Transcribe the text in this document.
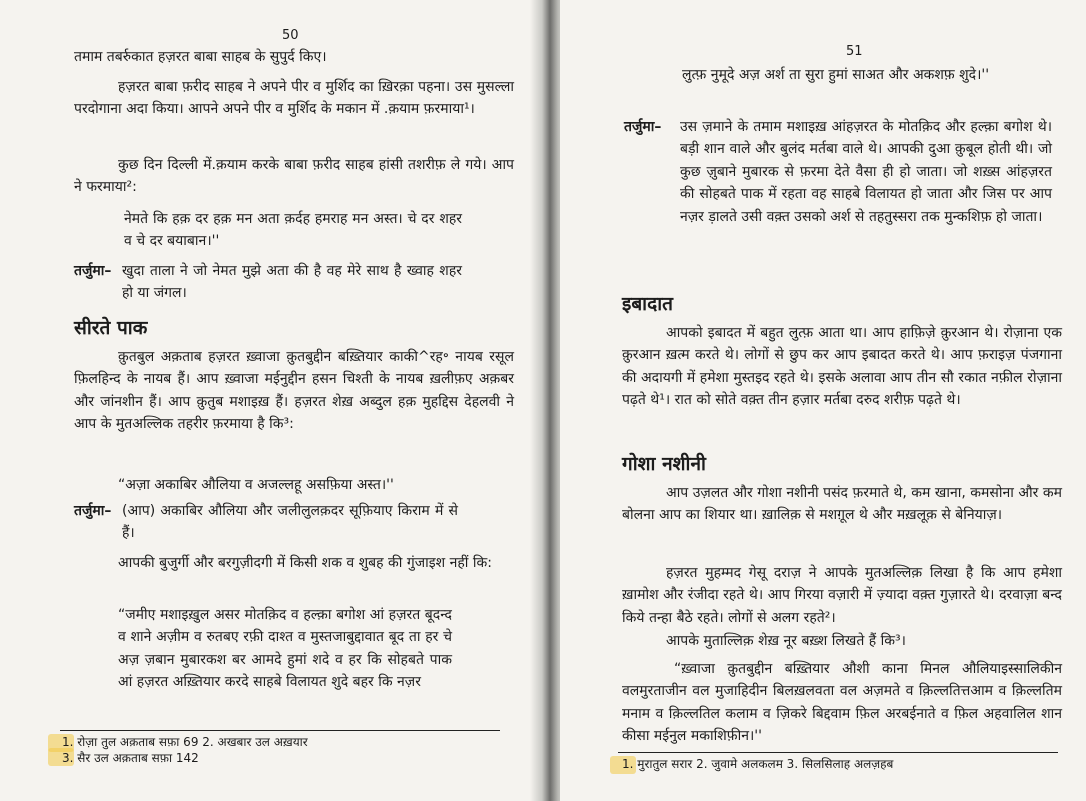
50
तमाम तबर्रुकात हज़रत बाबा साहब के सुपुर्द किए।
हज़रत बाबा फ़रीद साहब ने अपने पीर व मुर्शिद का ख़िरक़ा पहना। उस मुसल्ला परदोगाना अदा किया। आपने अपने पीर व मुर्शिद के मकान में .क़याम फ़रमाया¹।
कुछ दिन दिल्ली में.क़याम करके बाबा फ़रीद साहब हांसी तशरीफ़ ले गये। आप ने फरमाया²:
नेमते कि हक़ दर हक़ मन अता क़र्दह हमराह मन अस्त। चे दर शहर व चे दर बयाबान।''
तर्जुमा– खुदा ताला ने जो नेमत मुझे अता की है वह मेरे साथ है ख्वाह शहर हो या जंगल।
सीरते पाक
क़ुतबुल अक़ताब हज़रत ख़्वाजा क़ुतबुद्दीन बख़्तियार काकी^रह॰ नायब रसूल फ़िलहिन्द के नायब हैं। आप ख़्वाजा मईनुद्दीन हसन चिश्ती के नायब ख़लीफ़ए अक़बर और जांनशीन हैं। आप क़ुतुब मशाइख़ हैं। हज़रत शेख़ अब्दुल हक़ मुहद्दिस देहलवी ने आप के मुतअल्लिक तहरीर फ़रमाया है कि³:
“अज़ा अकाबिर औलिया व अजल्लहू असफ़िया अस्त।''
तर्जुमा– (आप) अकाबिर औलिया और जलीलुलक़दर सूफ़ियाए किराम में से हैं।
आपकी बुजुर्गी और बरगुज़ीदगी में किसी शक व शुबह की गुंजाइश नहीं कि:
“जमीए मशाइख़ुल असर मोतक़िद व हल्क़ा बगोश आं हज़रत बूदन्द व शाने अज़ीम व रुतबए रफ़ी दाश्त व मुस्तजाबुद्दावात बूद ता हर चे अज़ ज़बान मुबारकश बर आमदे हुमां शदे व हर कि सोहबते पाक आं हज़रत अख़्तियार करदे साहबे विलायत शुदे बहर कि नज़र
1. रोज़ा तुल अक़ताब सफ़ा 69 2. अखबार उल अख़यार
3. सैर उल अक़ताब सफ़ा 142
51
लुत्फ़ नुमूदे अज़ अर्श ता सुरा हुमां साअत और अकशफ़ शुदे।''
तर्जुमा– उस ज़माने के तमाम मशाइख़ आंहज़रत के मोतक़िद और हल्क़ा बगोश थे। बड़ी शान वाले और बुलंद मर्तबा वाले थे। आपकी दुआ क़ुबूल होती थी। जो कुछ ज़ुबाने मुबारक से फ़रमा देते वैसा ही हो जाता। जो शख़्स आंहज़रत की सोहबते पाक में रहता वह साहबे विलायत हो जाता और जिस पर आप नज़र ड़ालते उसी वक़्त उसको अर्श से तहतुस्सरा तक मुन्कशिफ़ हो जाता।
इबादात
आपको इबादत में बहुत लुत्फ़ आता था। आप हाफ़िज़े क़ुरआन थे। रोज़ाना एक क़ुरआन ख़त्म करते थे। लोगों से छुप कर आप इबादत करते थे। आप फ़राइज़ पंजगाना की अदायगी में हमेशा मुस्तइद रहते थे। इसके अलावा आप तीन सौ रकात नफ़ील रोज़ाना पढ़ते थे¹। रात को सोते वक़्त तीन हज़ार मर्तबा दरुद शरीफ़ पढ़ते थे।
गोशा नशीनी
आप उज़लत और गोशा नशीनी पसंद फ़रमाते थे, कम खाना, कमसोना और कम बोलना आप का शियार था। ख़ालिक़ से मशग़ूल थे और मख़लूक़ से बेनियाज़।
हज़रत मुहम्मद गेसू दराज़ ने आपके मुतअल्लिक़ लिखा है कि आप हमेशा ख़ामोश और रंजीदा रहते थे। आप गिरया वज़ारी में ज़्यादा वक़्त गुज़ारते थे। दरवाज़ा बन्द किये तन्हा बैठे रहते। लोगों से अलग रहते²।
आपके मुताल्लिक़ शेख़ नूर बख़्श लिखते हैं कि³।
“ख़्वाजा क़ुतबुद्दीन बख़्तियार औशी काना मिनल औलियाइस्सालिकीन वलमुरताजीन वल मुजाहिदीन बिलख़लवता वल अज़मते व क़िल्लतित्तआम व क़िल्लतिम मनाम व क़िल्लतिल कलाम व ज़िकरे बिद्दवाम फ़िल अरबईनाते व फ़िल अहवालिल शान कीसा मईनुल मकाशिफ़ीन।''
1. मुरातुल सरार 2. जुवामे अलकलम 3. सिलसिलाह अलज़हब
